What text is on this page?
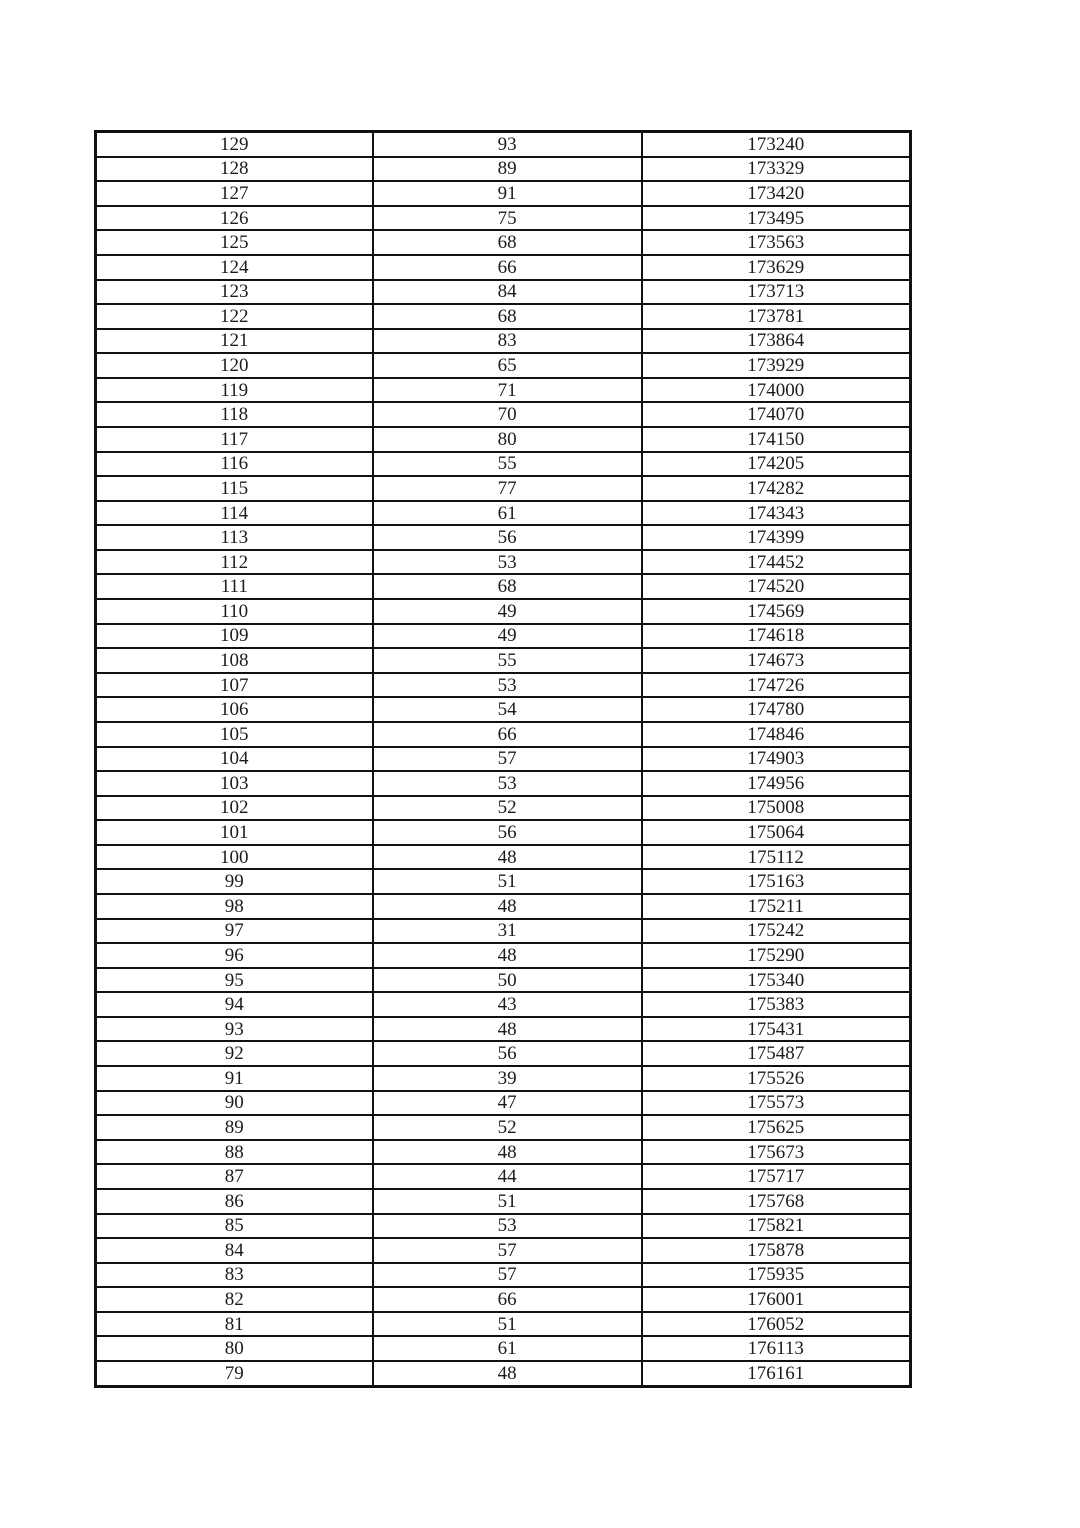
129	93	173240
128	89	173329
127	91	173420
126	75	173495
125	68	173563
124	66	173629
123	84	173713
122	68	173781
121	83	173864
120	65	173929
119	71	174000
118	70	174070
117	80	174150
116	55	174205
115	77	174282
114	61	174343
113	56	174399
112	53	174452
111	68	174520
110	49	174569
109	49	174618
108	55	174673
107	53	174726
106	54	174780
105	66	174846
104	57	174903
103	53	174956
102	52	175008
101	56	175064
100	48	175112
99	51	175163
98	48	175211
97	31	175242
96	48	175290
95	50	175340
94	43	175383
93	48	175431
92	56	175487
91	39	175526
90	47	175573
89	52	175625
88	48	175673
87	44	175717
86	51	175768
85	53	175821
84	57	175878
83	57	175935
82	66	176001
81	51	176052
80	61	176113
79	48	176161
